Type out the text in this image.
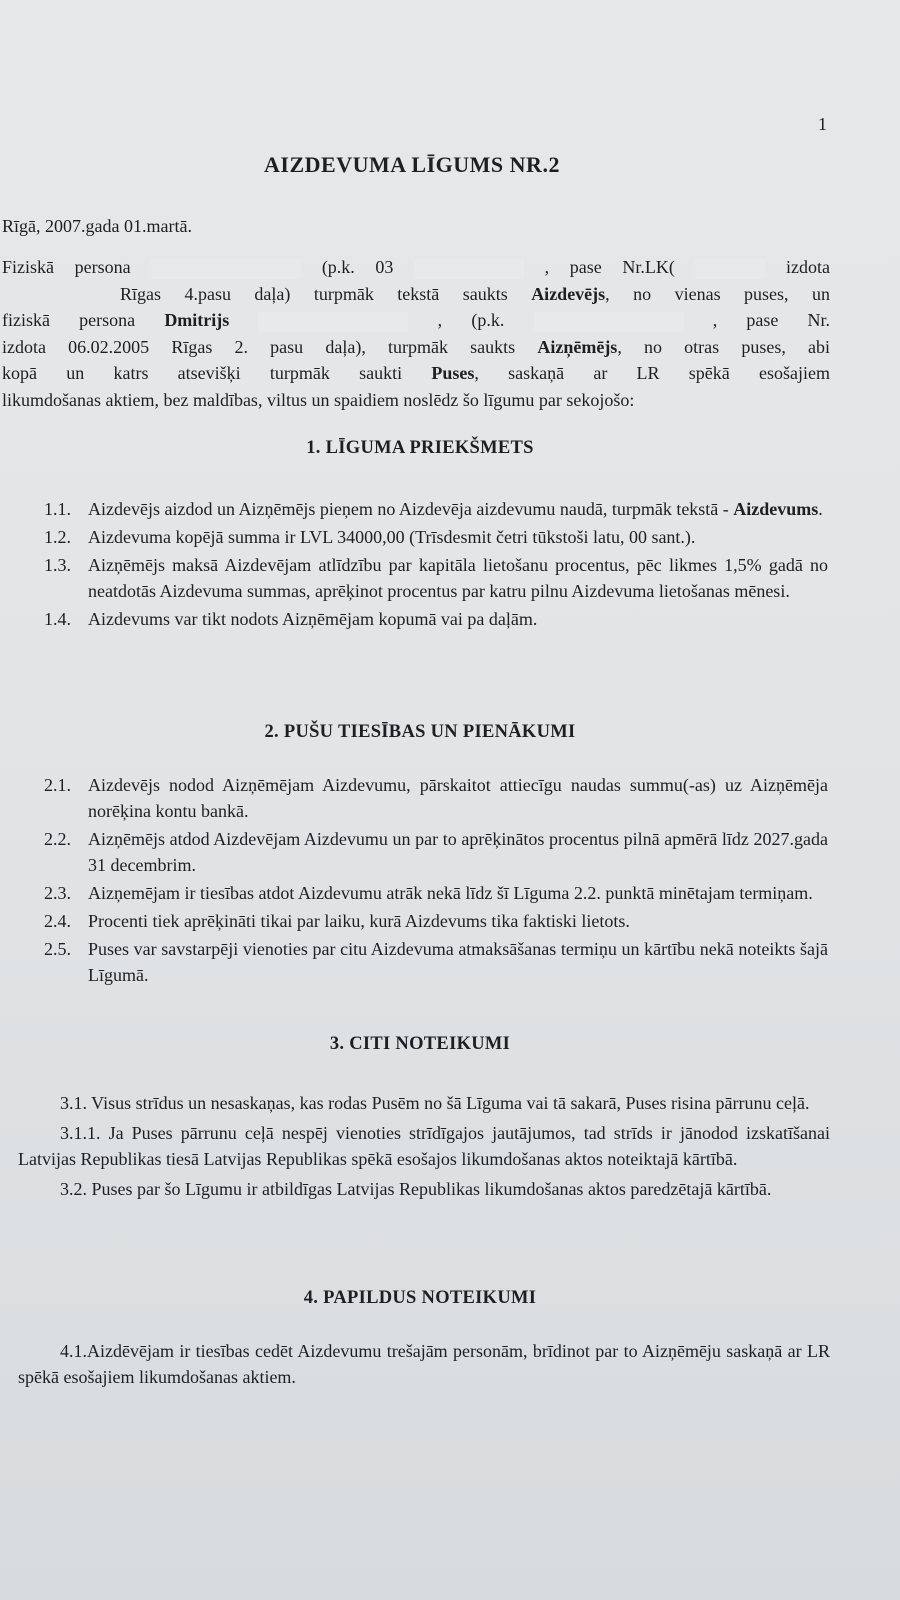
1
AIZDEVUMA LĪGUMS NR.2
Rīgā, 2007.gada 01.martā.

Fiziskā persona	(p.k. 03	, pase Nr.LK(	izdota

Rīgas 4.pasu daļa) turpmāk tekstā saukts Aizdevējs, no vienas puses, un

fiziskā persona Dmitrijs	, (p.k.	, pase Nr.

izdota 06.02.2005 Rīgas 2. pasu daļa), turpmāk saukts Aizņēmējs, no otras puses, abi

kopā un katrs atsevišķi turpmāk saukti Puses, saskaņā ar LR spēkā esošajiem

likumdošanas aktiem, bez maldības, viltus un spaidiem noslēdz šo līgumu par sekojošo:

1. LĪGUMA PRIEKŠMETS
1.1. Aizdevējs aizdod un Aizņēmējs pieņem no Aizdevēja aizdevumu naudā, turpmāk tekstā - Aizdevums.
1.2. Aizdevuma kopējā summa ir LVL 34000,00 (Trīsdesmit četri tūkstoši latu, 00 sant.).
1.3. Aizņēmējs maksā Aizdevējam atlīdzību par kapitāla lietošanu procentus, pēc likmes 1,5% gadā no neatdotās Aizdevuma summas, aprēķinot procentus par katru pilnu Aizdevuma lietošanas mēnesi.
1.4. Aizdevums var tikt nodots Aizņēmējam kopumā vai pa daļām.
2. PUŠU TIESĪBAS UN PIENĀKUMI
2.1. Aizdevējs nodod Aizņēmējam Aizdevumu, pārskaitot attiecīgu naudas summu(-as) uz Aizņēmēja norēķina kontu bankā.
2.2. Aizņēmējs atdod Aizdevējam Aizdevumu un par to aprēķinātos procentus pilnā apmērā līdz 2027.gada 31 decembrim.
2.3. Aizņemējam ir tiesības atdot Aizdevumu atrāk nekā līdz šī Līguma 2.2. punktā minētajam termiņam.
2.4. Procenti tiek aprēķināti tikai par laiku, kurā Aizdevums tika faktiski lietots.
2.5. Puses var savstarpēji vienoties par citu Aizdevuma atmaksāšanas termiņu un kārtību nekā noteikts šajā Līgumā.
3. CITI NOTEIKUMI

3.1. Visus strīdus un nesaskaņas, kas rodas Pusēm no šā Līguma vai tā sakarā, Puses risina pārrunu ceļā.

3.1.1. Ja Puses pārrunu ceļā nespēj vienoties strīdīgajos jautājumos, tad strīds ir jānodod izskatīšanai Latvijas Republikas tiesā Latvijas Republikas spēkā esošajos likumdošanas aktos noteiktajā kārtībā.

3.2. Puses par šo Līgumu ir atbildīgas Latvijas Republikas likumdošanas aktos paredzētajā kārtībā.

4. PAPILDUS NOTEIKUMI

4.1.Aizdēvējam ir tiesības cedēt Aizdevumu trešajām personām, brīdinot par to Aizņēmēju saskaņā ar LR spēkā esošajiem likumdošanas aktiem.
